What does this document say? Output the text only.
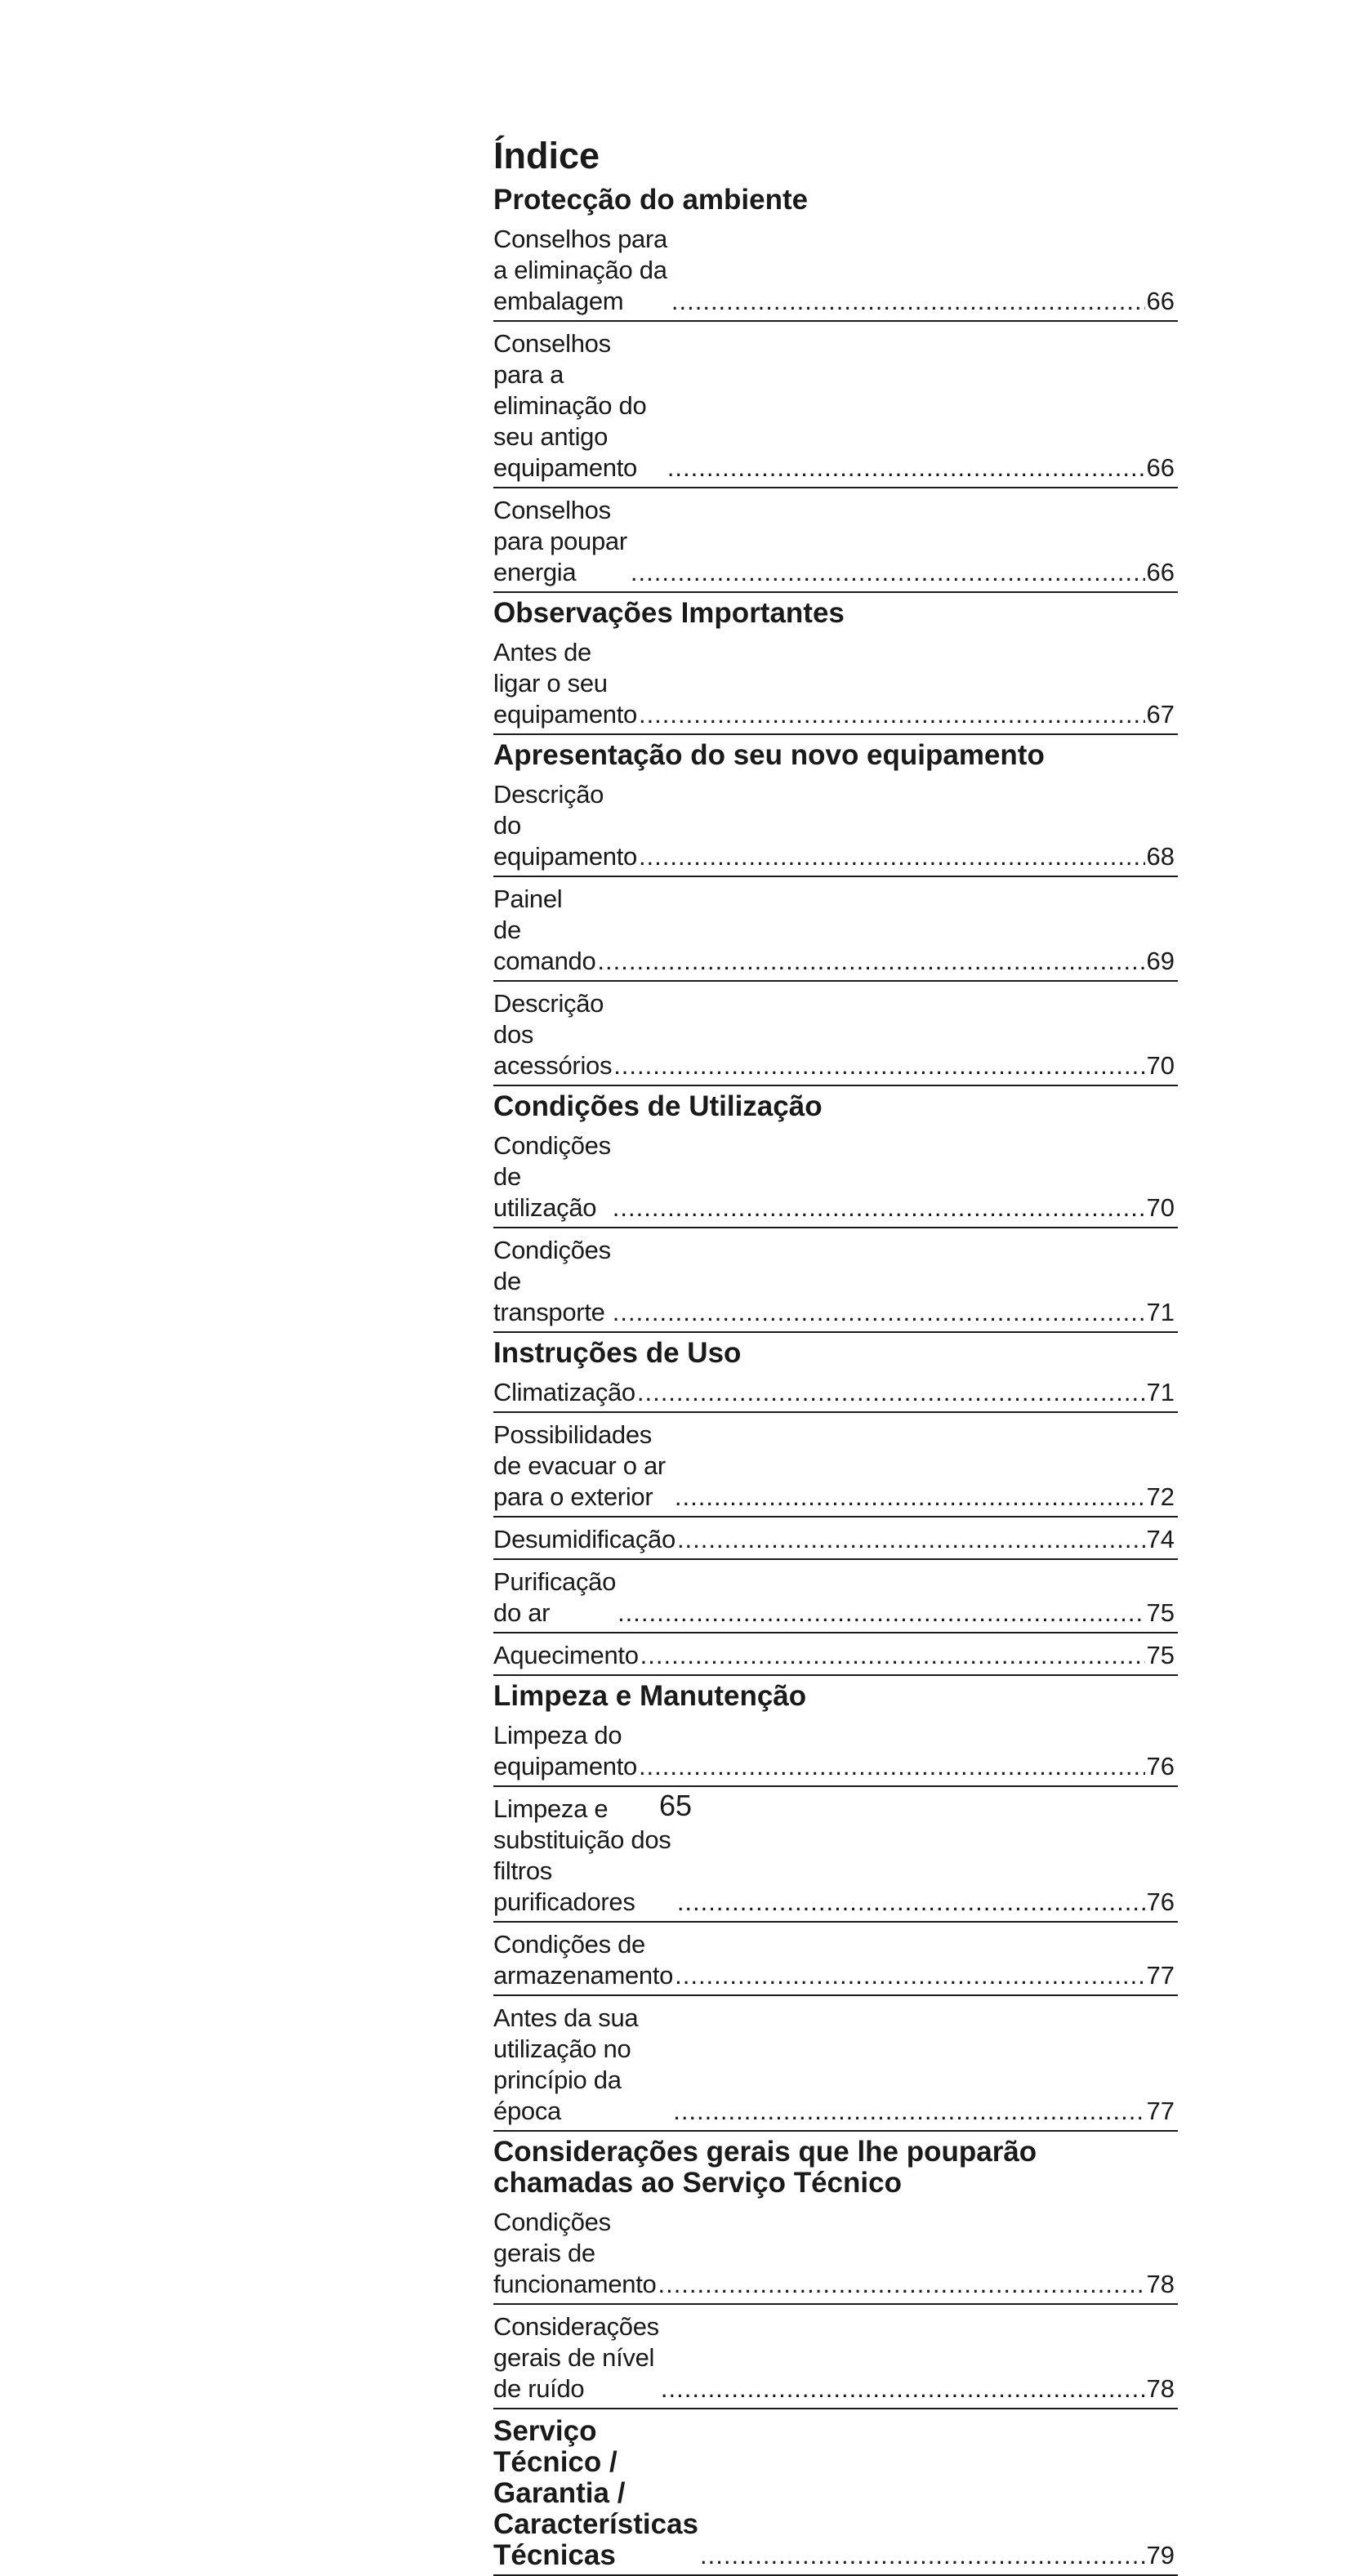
Índice
Protecção do ambiente
Conselhos para a eliminação da embalagem .....	66
Conselhos para a eliminação do seu antigo
equipamento .....	66
Conselhos para poupar energia .....	66
Observações Importantes
Antes de ligar o seu equipamento .....	67
Apresentação do seu novo equipamento
Descrição do equipamento .....	68
Painel de comando .....	69
Descrição dos acessórios .....	70
Condições de Utilização
Condições de utilização .....	70
Condições de transporte .....	71
Instruções de Uso
Climatização .....	71
Possibilidades de evacuar o ar para o exterior .....	72
Desumidificação .....	74
Purificação do ar .....	75
Aquecimento .....	75
Limpeza e Manutenção
Limpeza do equipamento .....	76
Limpeza e substituição dos filtros purificadores .....	76
Condições de armazenamento .....	77
Antes da sua utilização no princípio da época .....	77
Considerações gerais que lhe pouparão
chamadas ao Serviço Técnico
Condições gerais de funcionamento .....	78
Considerações gerais de nível de ruído .....	78
Serviço Técnico / Garantia /
Características Técnicas .....	79
65
